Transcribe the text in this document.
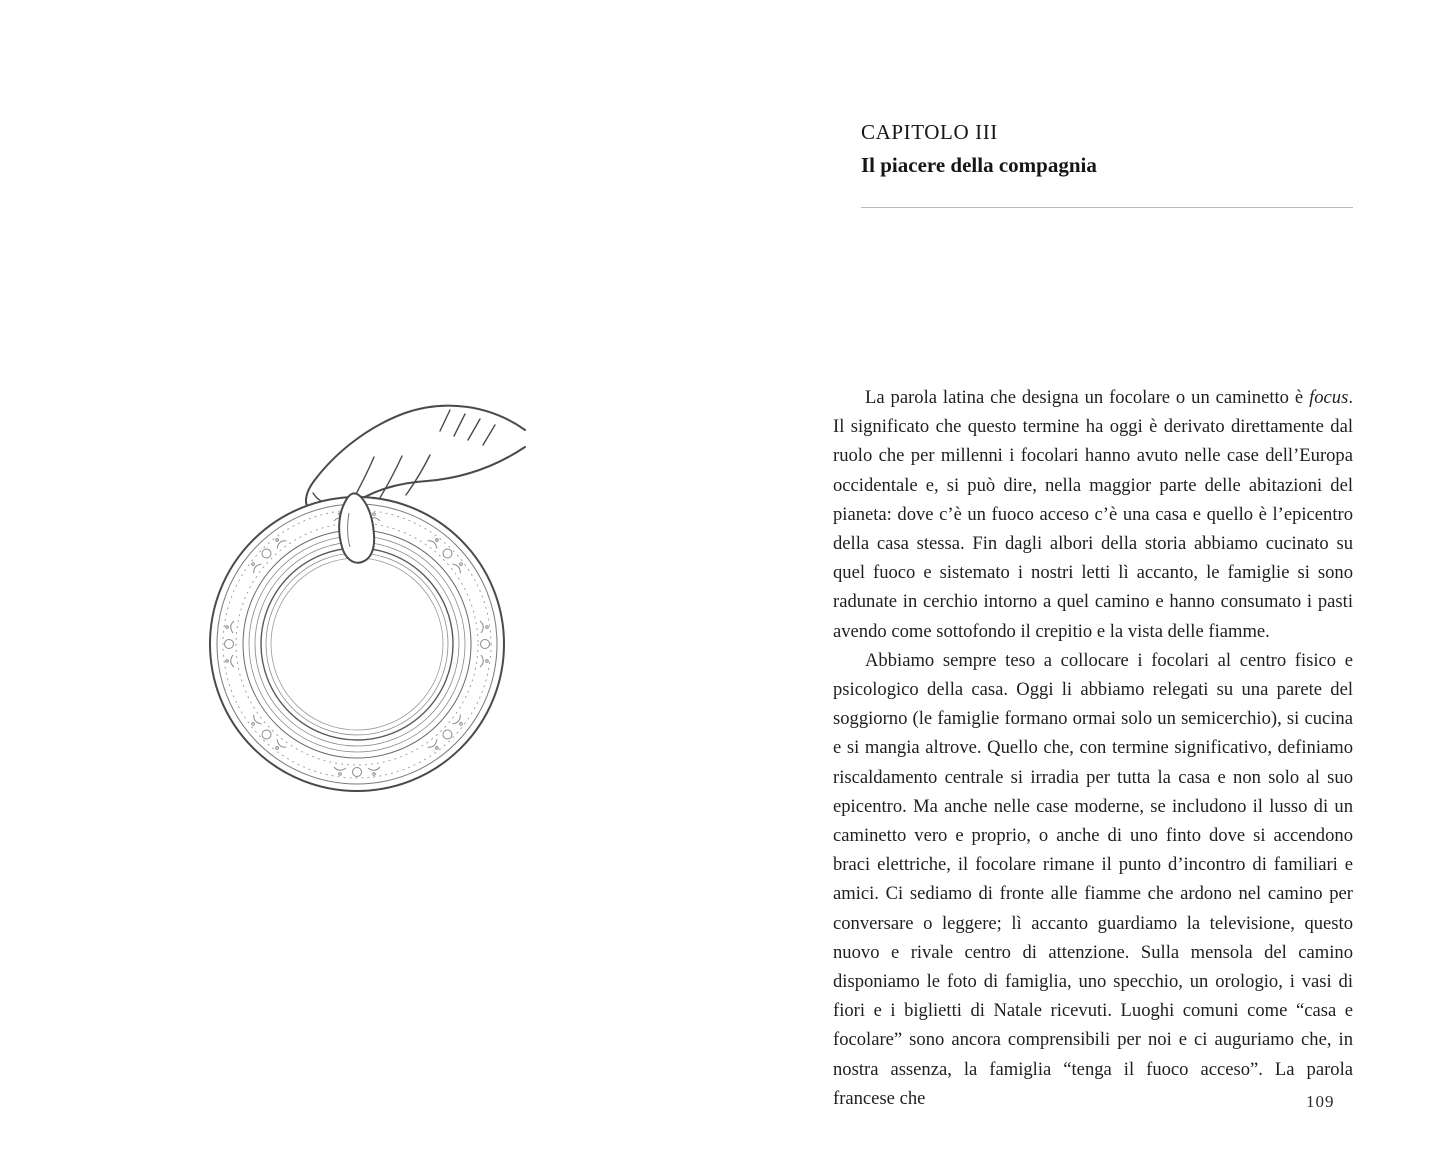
CAPITOLO III
Il piacere della compagnia

La parola latina che designa un focolare o un caminetto è focus. Il significato che questo termine ha oggi è derivato direttamente dal ruolo che per millenni i focolari hanno avuto nelle case dell’Europa occidentale e, si può dire, nella maggior parte delle abitazioni del pianeta: dove c’è un fuoco acceso c’è una casa e quello è l’epicentro della casa stessa. Fin dagli albori della storia abbiamo cucinato su quel fuoco e sistemato i nostri letti lì accanto, le famiglie si sono radunate in cerchio intorno a quel camino e hanno consumato i pasti avendo come sottofondo il crepitio e la vista delle fiamme.

Abbiamo sempre teso a collocare i focolari al centro fisico e psicologico della casa. Oggi li abbiamo relegati su una parete del soggiorno (le famiglie formano ormai solo un semicerchio), si cucina e si mangia altrove. Quello che, con termine significativo, definiamo riscaldamento centrale si irradia per tutta la casa e non solo al suo epicentro. Ma anche nelle case moderne, se includono il lusso di un caminetto vero e proprio, o anche di uno finto dove si accendono braci elettriche, il focolare rimane il punto d’incontro di familiari e amici. Ci sediamo di fronte alle fiamme che ardono nel camino per conversare o leggere; lì accanto guardiamo la televisione, questo nuovo e rivale centro di attenzione. Sulla mensola del camino disponiamo le foto di famiglia, uno specchio, un orologio, i vasi di fiori e i biglietti di Natale ricevuti. Luoghi comuni come “casa e focolare” sono ancora comprensibili per noi e ci auguriamo che, in nostra assenza, la famiglia “tenga il fuoco acceso”. La parola francese che	109
